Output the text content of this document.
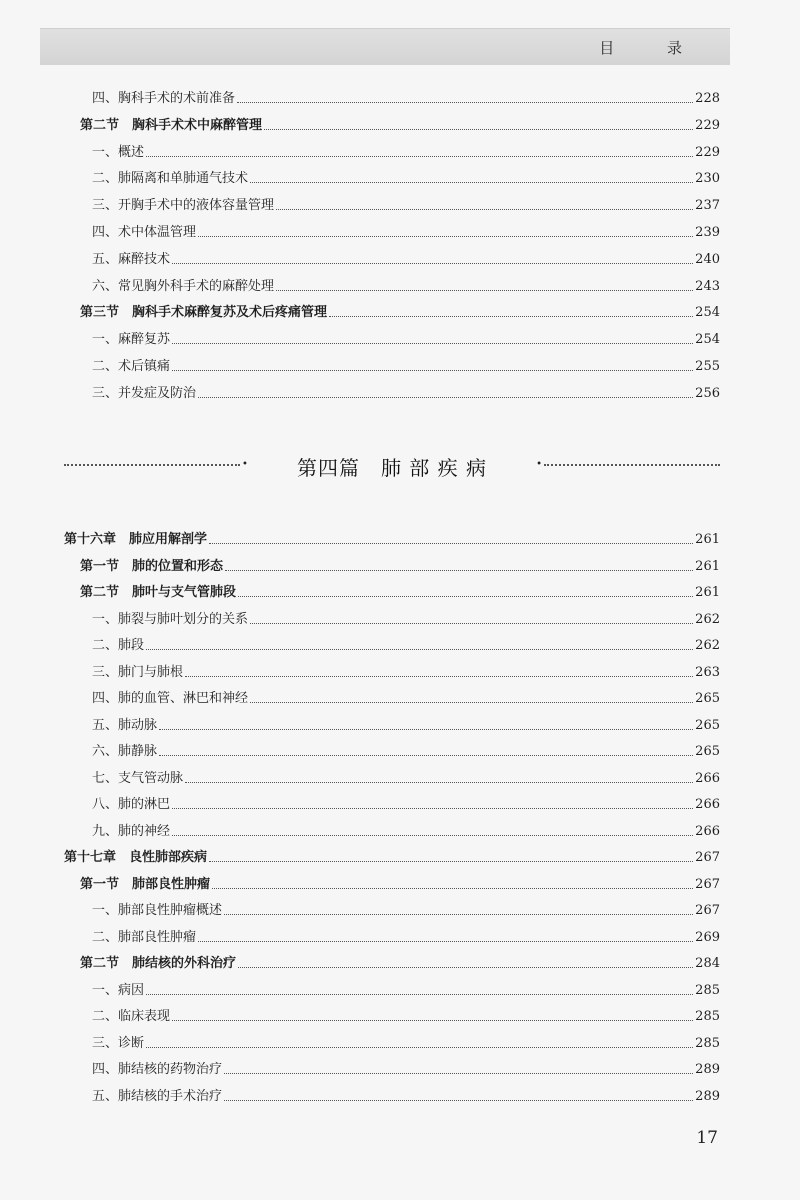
目 录
四、胸科手术的术前准备	228
第二节　胸科手术术中麻醉管理	229
一、概述	229
二、肺隔离和单肺通气技术	230
三、开胸手术中的液体容量管理	237
四、术中体温管理	239
五、麻醉技术	240
六、常见胸外科手术的麻醉处理	243
第三节　胸科手术麻醉复苏及术后疼痛管理	254
一、麻醉复苏	254
二、术后镇痛	255
三、并发症及防治	256
• 第四篇　肺 部 疾 病	•
第十六章　肺应用解剖学	261
第一节　肺的位置和形态	261
第二节　肺叶与支气管肺段	261
一、肺裂与肺叶划分的关系	262
二、肺段	262
三、肺门与肺根	263
四、肺的血管、淋巴和神经	265
五、肺动脉	265
六、肺静脉	265
七、支气管动脉	266
八、肺的淋巴	266
九、肺的神经	266
第十七章　良性肺部疾病	267
第一节　肺部良性肿瘤	267
一、肺部良性肿瘤概述	267
二、肺部良性肿瘤	269
第二节　肺结核的外科治疗	284
一、病因	285
二、临床表现	285
三、诊断	285
四、肺结核的药物治疗	289
五、肺结核的手术治疗	289
17
